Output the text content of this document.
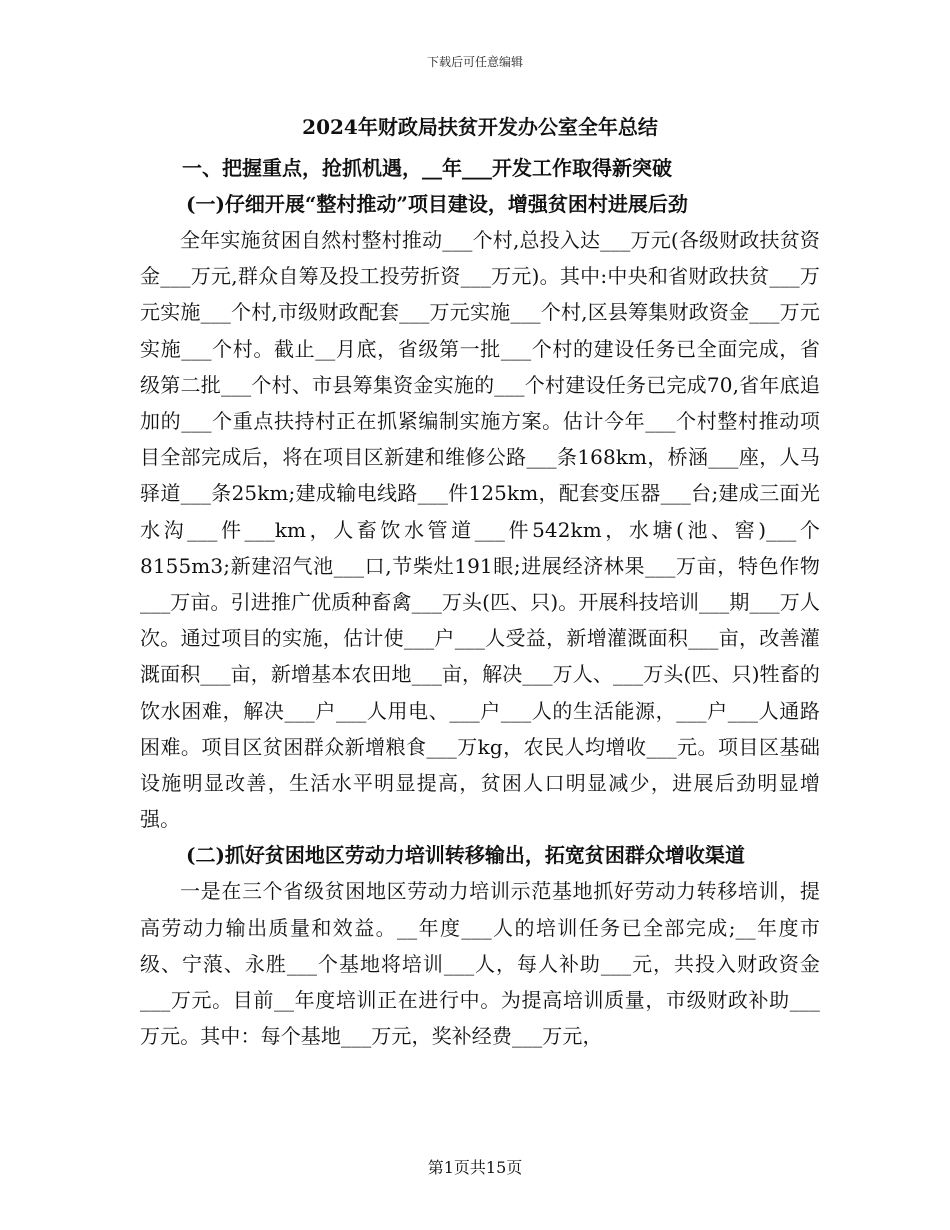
下载后可任意编辑
2024年财政局扶贫开发办公室全年总结
一、把握重点，抢抓机遇，__年___开发工作取得新突破
(一)仔细开展“整村推动”项目建设，增强贫困村进展后劲

全年实施贫困自然村整村推动___个村,总投入达___万元(各级财政扶贫资金___万元,群众自筹及投工投劳折资___万元)。其中:中央和省财政扶贫___万元实施___个村,市级财政配套___万元实施___个村,区县筹集财政资金___万元实施___个村。截止__月底，省级第一批___个村的建设任务已全面完成，省级第二批___个村、市县筹集资金实施的___个村建设任务已完成70,省年底追加的___个重点扶持村正在抓紧编制实施方案。估计今年___个村整村推动项目全部完成后，将在项目区新建和维修公路___条168km，桥涵___座，人马驿道___条25km;建成输电线路___件125km，配套变压器___台;建成三面光水沟___件___km，人畜饮水管道___件542km，水塘(池、窖)___个8155m3;新建沼气池___口,节柴灶191眼;进展经济林果___万亩，特色作物___万亩。引进推广优质种畜禽___万头(匹、只)。开展科技培训___期___万人次。通过项目的实施，估计使___户___人受益，新增灌溉面积___亩，改善灌溉面积___亩，新增基本农田地___亩，解决___万人、___万头(匹、只)牲畜的饮水困难，解决___户___人用电、___户___人的生活能源，___户___人通路困难。项目区贫困群众新增粮食___万kg，农民人均增收___元。项目区基础设施明显改善，生活水平明显提高，贫困人口明显减少，进展后劲明显增强。

(二)抓好贫困地区劳动力培训转移输出，拓宽贫困群众增收渠道

一是在三个省级贫困地区劳动力培训示范基地抓好劳动力转移培训，提高劳动力输出质量和效益。__年度___人的培训任务已全部完成;__年度市级、宁蒗、永胜___个基地将培训___人，每人补助___元，共投入财政资金___万元。目前__年度培训正在进行中。为提高培训质量，市级财政补助___万元。其中：每个基地___万元，奖补经费___万元，

第1页共15页
